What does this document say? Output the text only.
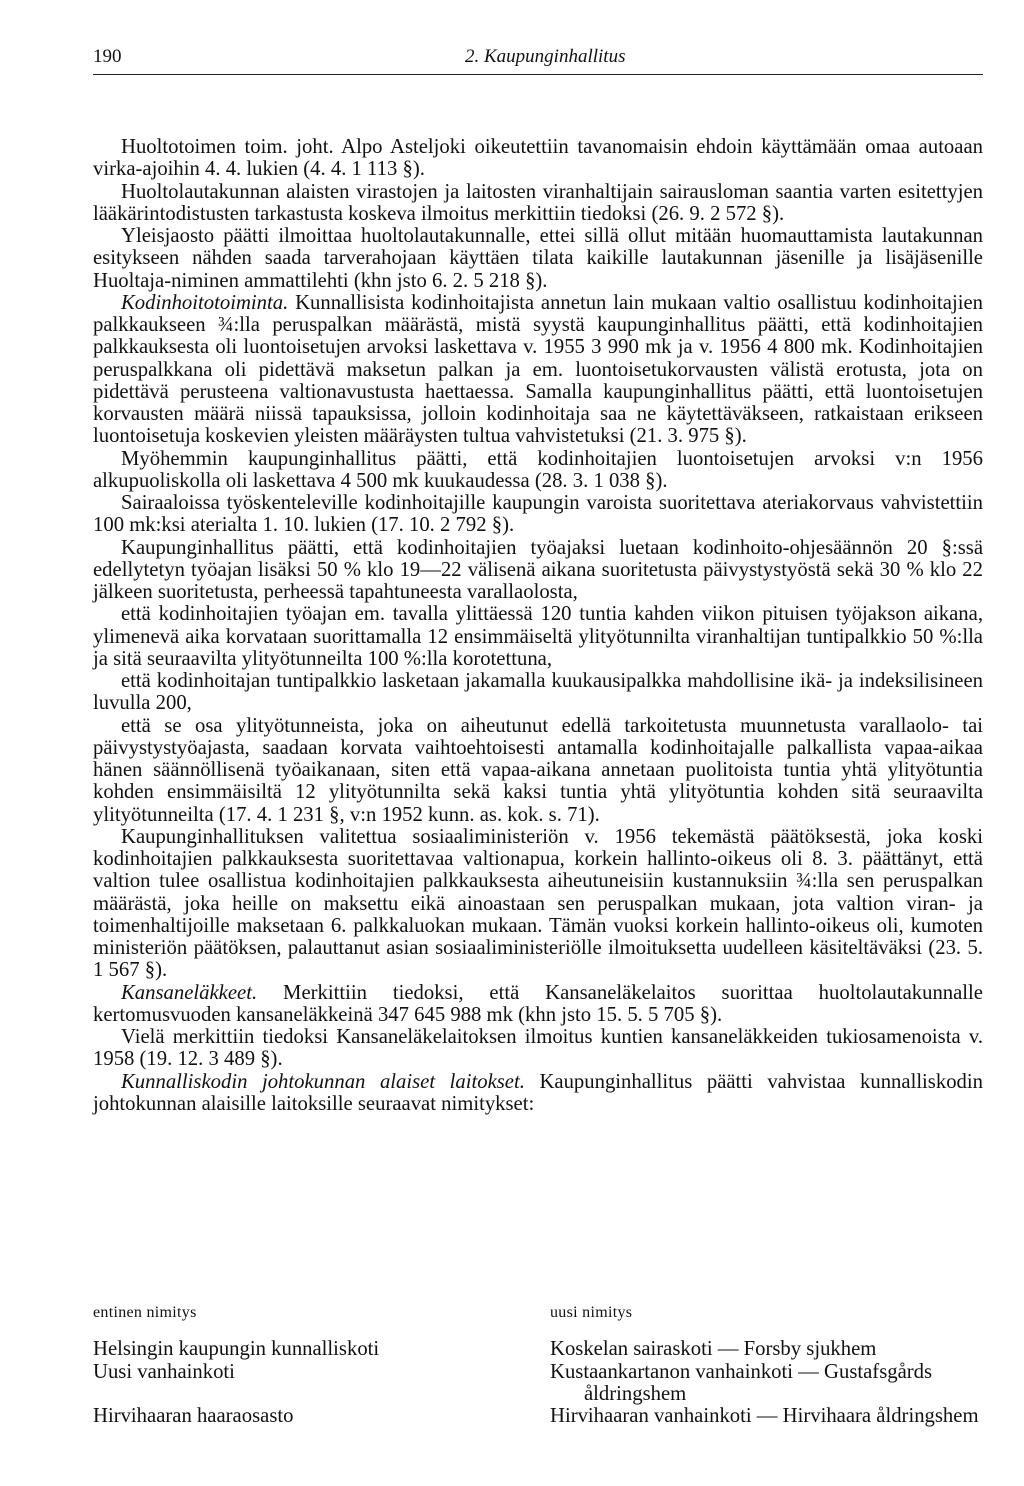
190	2. Kaupunginhallitus

Huoltotoimen toim. joht. Alpo Asteljoki oikeutettiin tavanomaisin ehdoin käyttämään omaa autoaan virka-ajoihin 4. 4. lukien (4. 4. 1 113 §).

Huoltolautakunnan alaisten virastojen ja laitosten viranhaltijain sairausloman saantia varten esitettyjen lääkärintodistusten tarkastusta koskeva ilmoitus merkittiin tiedoksi (26. 9. 2 572 §).

Yleisjaosto päätti ilmoittaa huoltolautakunnalle, ettei sillä ollut mitään huomauttamista lautakunnan esitykseen nähden saada tarverahojaan käyttäen tilata kaikille lautakunnan jäsenille ja lisäjäsenille Huoltaja-niminen ammattilehti (khn jsto 6. 2. 5 218 §).

Kodinhoitotoiminta. Kunnallisista kodinhoitajista annetun lain mukaan valtio osallistuu kodinhoitajien palkkaukseen ¾:lla peruspalkan määrästä, mistä syystä kaupunginhallitus päätti, että kodinhoitajien palkkauksesta oli luontoisetujen arvoksi laskettava v. 1955 3 990 mk ja v. 1956 4 800 mk. Kodinhoitajien peruspalkkana oli pidettävä maksetun palkan ja em. luontoisetukorvausten välistä erotusta, jota on pidettävä perusteena valtionavustusta haettaessa. Samalla kaupunginhallitus päätti, että luontoisetujen korvausten määrä niissä tapauksissa, jolloin kodinhoitaja saa ne käytettäväkseen, ratkaistaan erikseen luontoisetuja koskevien yleisten määräysten tultua vahvistetuksi (21. 3. 975 §).

Myöhemmin kaupunginhallitus päätti, että kodinhoitajien luontoisetujen arvoksi v:n 1956 alkupuoliskolla oli laskettava 4 500 mk kuukaudessa (28. 3. 1 038 §).

Sairaaloissa työskenteleville kodinhoitajille kaupungin varoista suoritettava ateriakorvaus vahvistettiin 100 mk:ksi aterialta 1. 10. lukien (17. 10. 2 792 §).

Kaupunginhallitus päätti, että kodinhoitajien työajaksi luetaan kodinhoito-ohjesäännön 20 §:ssä edellytetyn työajan lisäksi 50 % klo 19—22 välisenä aikana suoritetusta päivystystyöstä sekä 30 % klo 22 jälkeen suoritetusta, perheessä tapahtuneesta varallaolosta,

että kodinhoitajien työajan em. tavalla ylittäessä 120 tuntia kahden viikon pituisen työjakson aikana, ylimenevä aika korvataan suorittamalla 12 ensimmäiseltä ylityötunnilta viranhaltijan tuntipalkkio 50 %:lla ja sitä seuraavilta ylityötunneilta 100 %:lla korotettuna,

että kodinhoitajan tuntipalkkio lasketaan jakamalla kuukausipalkka mahdollisine ikä- ja indeksilisineen luvulla 200,

että se osa ylityötunneista, joka on aiheutunut edellä tarkoitetusta muunnetusta varallaolo- tai päivystystyöajasta, saadaan korvata vaihtoehtoisesti antamalla kodinhoitajalle palkallista vapaa-aikaa hänen säännöllisenä työaikanaan, siten että vapaa-aikana annetaan puolitoista tuntia yhtä ylityötuntia kohden ensimmäisiltä 12 ylityötunnilta sekä kaksi tuntia yhtä ylityötuntia kohden sitä seuraavilta ylityötunneilta (17. 4. 1 231 §, v:n 1952 kunn. as. kok. s. 71).

Kaupunginhallituksen valitettua sosiaaliministeriön v. 1956 tekemästä päätöksestä, joka koski kodinhoitajien palkkauksesta suoritettavaa valtionapua, korkein hallinto-oikeus oli 8. 3. päättänyt, että valtion tulee osallistua kodinhoitajien palkkauksesta aiheutuneisiin kustannuksiin ¾:lla sen peruspalkan määrästä, joka heille on maksettu eikä ainoastaan sen peruspalkan mukaan, jota valtion viran- ja toimenhaltijoille maksetaan 6. palkkaluokan mukaan. Tämän vuoksi korkein hallinto-oikeus oli, kumoten ministeriön päätöksen, palauttanut asian sosiaaliministeriölle ilmoituksetta uudelleen käsiteltäväksi (23. 5. 1 567 §).

Kansaneläkkeet. Merkittiin tiedoksi, että Kansaneläkelaitos suorittaa huoltolautakunnalle kertomusvuoden kansaneläkkeinä 347 645 988 mk (khn jsto 15. 5. 5 705 §).

Vielä merkittiin tiedoksi Kansaneläkelaitoksen ilmoitus kuntien kansaneläkkeiden tukiosamenoista v. 1958 (19. 12. 3 489 §).

Kunnalliskodin johtokunnan alaiset laitokset. Kaupunginhallitus päätti vahvistaa kunnalliskodin johtokunnan alaisille laitoksille seuraavat nimitykset:

entinen nimitys

Helsingin kaupungin kunnalliskoti

Uusi vanhainkoti

Hirvihaaran haaraosasto

uusi nimitys

Koskelan sairaskoti — Forsby sjukhem

Kustaankartanon vanhainkoti — Gustafsgårds åldringshem

Hirvihaaran vanhainkoti — Hirvihaara åldringshem
